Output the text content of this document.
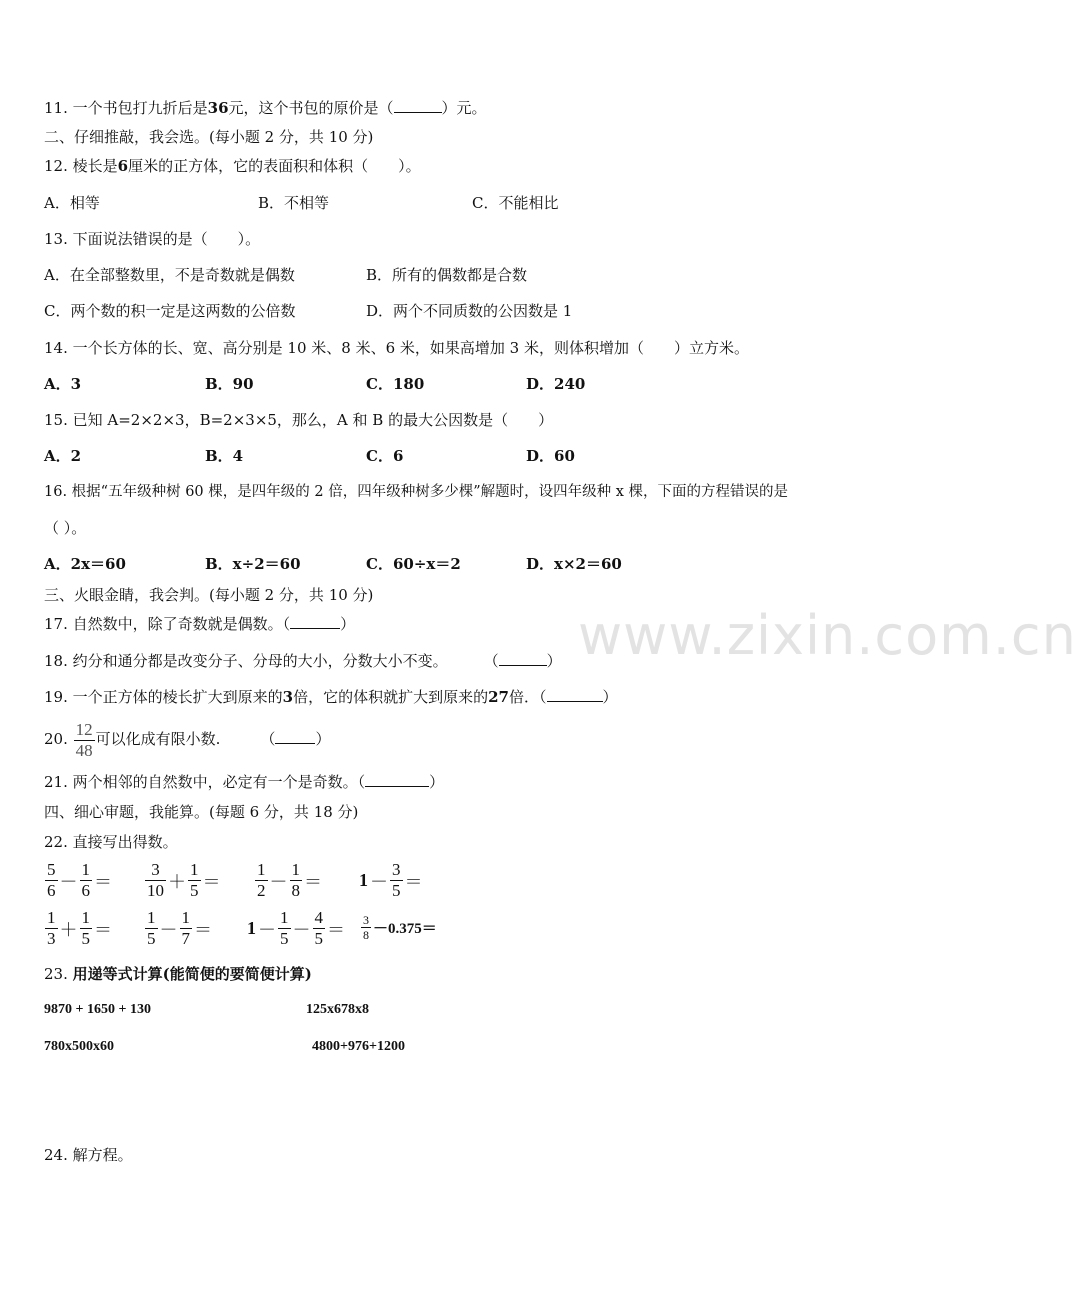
www.zixin.com.cn
11. 一个书包打九折后是36元，这个书包的原价是（	）元。
二、仔细推敲，我会选。(每小题 2 分，共 10 分)
12. 棱长是6厘米的正方体，它的表面积和体积（　　）。
A．相等	B．不相等	C．不能相比
13. 下面说法错误的是（　　）。
A．在全部整数里，不是奇数就是偶数	B．所有的偶数都是合数
C．两个数的积一定是这两数的公倍数	D．两个不同质数的公因数是 1
14. 一个长方体的长、宽、高分别是 10 米、8 米、6 米，如果高增加 3 米，则体积增加（　　）立方米。
A．3	B．90	C．180	D．240
15. 已知 A=2×2×3，B=2×3×5，那么，A 和 B 的最大公因数是（　　）
A．2	B．4	C．6	D．60
16. 根据“五年级种树 60 棵，是四年级的 2 倍，四年级种树多少棵”解题时，设四年级种 x 棵，下面的方程错误的是
（ ）。
A．2x＝60	B．x÷2＝60	C．60÷x＝2	D．x×2＝60
三、火眼金睛，我会判。(每小题 2 分，共 10 分)
17. 自然数中，除了奇数就是偶数。（	）
18. 约分和通分都是改变分子、分母的大小，分数大小不变。 （	）
19. 一个正方体的棱长扩大到原来的3倍，它的体积就扩大到原来的27倍．（	）
20. $\frac{12}{48}$ 可以化成有限小数.	（	）
21. 两个相邻的自然数中，必定有一个是奇数。（	）
四、细心审题，我能算。(每题 6 分，共 18 分)
22. 直接写出得数。
$\frac{5}{6} - \frac{1}{6} = \frac{3}{10} + \frac{1}{5} = \frac{1}{2} - \frac{1}{8} = 1 - \frac{3}{5}$ ＝
$\frac{1}{3} + \frac{1}{5} = \frac{1}{5} - \frac{1}{7} = 1 - \frac{1}{5} - \frac{4}{5} = \frac{3}{8} -0.375=$
23. 用递等式计算(能简便的要简便计算)
9870 + 1650 + 130	125x678x8
780x500x60	4800+976+1200
24. 解方程。
